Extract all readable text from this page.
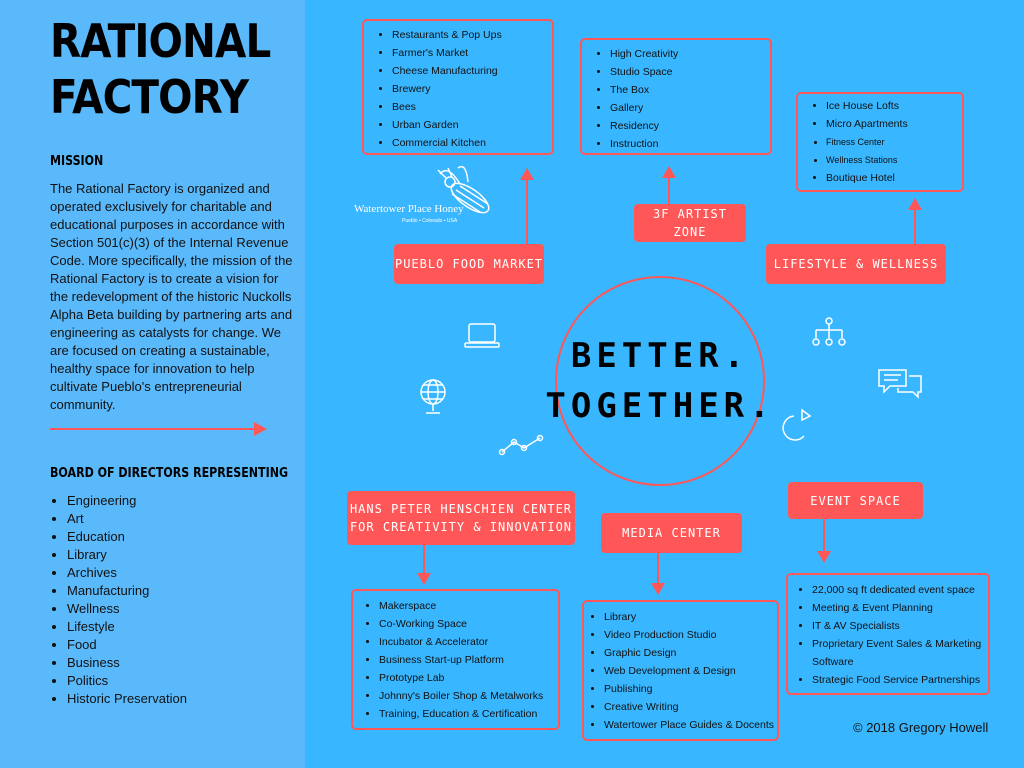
RATIONAL
FACTORY
MISSION
The Rational Factory is organized and operated exclusively for charitable and educational purposes in accordance with Section 501(c)(3) of the Internal Revenue Code. More specifically, the mission of the Rational Factory is to create a vision for the redevelopment of the historic Nuckolls Alpha Beta building by partnering arts and engineering as catalysts for change. We are focused on creating a sustainable, healthy space for innovation to help cultivate Pueblo's entrepreneurial community.
BOARD OF DIRECTORS REPRESENTING
• Engineering
• Art
• Education
• Library
• Archives
• Manufacturing
• Wellness
• Lifestyle
• Food
• Business
• Politics
• Historic Preservation
• Restaurants & Pop Ups
• Farmer's Market
• Cheese Manufacturing
• Brewery
• Bees
• Urban Garden
• Commercial Kitchen
PUEBLO FOOD MARKET
• High Creativity
• Studio Space
• The Box
• Gallery
• Residency
• Instruction
3F ARTIST ZONE
• Ice House Lofts
• Micro Apartments
• Fitness Center
• Wellness Stations
• Boutique Hotel
LIFESTYLE & WELLNESS
Watertower Place Honey
Pueblo • Colorado • USA
BETTER.
TOGETHER.
HANS PETER HENSCHIEN CENTER
FOR CREATIVITY & INNOVATION
• Makerspace
• Co-Working Space
• Incubator & Accelerator
• Business Start-up Platform
• Prototype Lab
• Johnny's Boiler Shop & Metalworks
• Training, Education & Certification
MEDIA CENTER
• Library
• Video Production Studio
• Graphic Design
• Web Development & Design
• Publishing
• Creative Writing
• Watertower Place Guides & Docents
EVENT SPACE
• 22,000 sq ft dedicated event space
• Meeting & Event Planning
• IT & AV Specialists
• Proprietary Event Sales & Marketing Software
• Strategic Food Service Partnerships
© 2018 Gregory Howell
